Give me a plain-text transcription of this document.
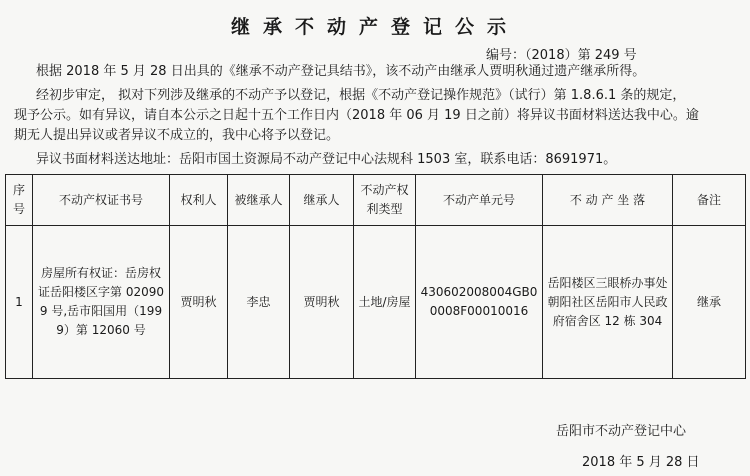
继承不动产登记公示
编号：（2018）第 249 号
根据 2018 年 5 月 28 日出具的《继承不动产登记具结书》，该不动产由继承人贾明秋通过遗产继承所得。
经初步审定， 拟对下列涉及继承的不动产予以登记，根据《不动产登记操作规范》（试行）第 1.8.6.1 条的规定，
现予公示。如有异议，请自本公示之日起十五个工作日内（2018 年 06 月 19 日之前）将异议书面材料送达我中心。逾
期无人提出异议或者异议不成立的，我中心将予以登记。
异议书面材料送达地址：岳阳市国土资源局不动产登记中心法规科 1503 室，联系电话：8691971。
序号	不动产权证书号	权利人	被继承人	继承人	不动产权利类型	不动产单元号	不 动 产 坐 落	备注
1	房屋所有权证：岳房权证岳阳楼区字第 020909 号,岳市阳国用（1999）第 12060 号	贾明秋	李忠	贾明秋	土地/房屋	430602008004GB00008F00010016	岳阳楼区三眼桥办事处朝阳社区岳阳市人民政府宿舍区 12 栋 304	继承
岳阳市不动产登记中心
2018 年 5 月 28 日
